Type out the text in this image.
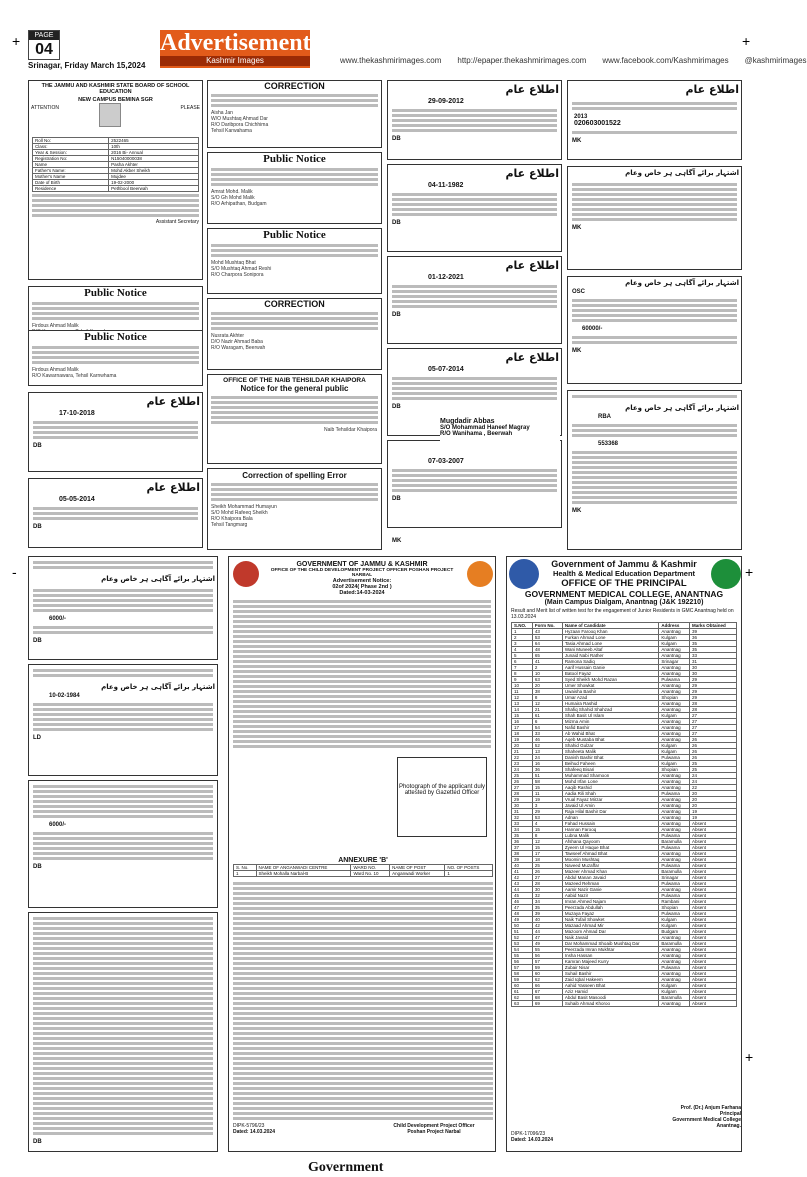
+	+
PAGE
04	Advertisement
Kashmir Images
Srinagar, Friday March 15,2024
www.thekashmirimages.com http://epaper.thekashmirimages.com www.facebook.com/Kashmirimages @kashmirimages
THE JAMMU AND KASHMIR STATE BOARD OF SCHOOL EDUCATION
NEW CAMPUS BEMINA SGR
ATTENTION	PLEASE
Roll No:	2522465
Class:	10th
Year & Session:	2016 Bi- Annual
Registration No:	N15040000038
Name	Pasha Akhter
Father's Name:	Mohd Akber Sheikh
Mother's Name	Mujdee
Date of Birth	19-02-2000
Residence	Pethbool Beerwah
Assistant Secretary
Public Notice
Firdous Ahmad Malik
Public Notice
Firdous Ahmad Malik
R/O Kawarnawara, Tehsil Karnwhama
اطلاع عام
17-10-2018
DB
اطلاع عام
05-05-2014
DB
CORRECTION
Aisha Jan
W/O Mushtaq Ahmad Dar
R/O Daribpora Chichhima
Tehsil Karwahama
Public Notice
Amrat Mohd. Malik
S/O Gh Mohd Malik
R/O Arhipathan, Budgam
Public Notice
Mohd Mushtaq Bhat
S/O Mushtaq Ahmad Reshi
R/O Charpora Sonipora
CORRECTION
Nusrata Akhter
D/O Nazir Ahmad Baba
R/O Waragam, Beerwah
OFFICE OF THE NAIB TEHSILDAR KHAIPORA
Notice for the general public
Naib Tehsildar Khaipora
Correction of spelling Error
Sheikh Mohammad Humayun
S/O Mohd Rafeeq Sheikh
R/O Khaipora Bala
Tehsil Tangmarg
اطلاع عام
29-09-2012
DB
اطلاع عام
04-11-1982
DB
اطلاع عام
01-12-2021
DB
اطلاع عام
05-07-2014
DB
07-03-2007
DB
Mugdadir Abbas
S/O Mohammad Haneef Magray
R/O Wanihama , Beerwah
MK
اطلاع عام
2013
020603001522
MK
اشتہار برائے آگاہی ہر خاص وعام
MK
اشتہار برائے آگاہی ہر خاص وعام
OSC
60000/-
MK
اشتہار برائے آگاہی ہر خاص وعام
RBA
553368
MK
-	+
اشتہار برائے آگاہی ہر خاص وعام
6000/-
DB
اشتہار برائے آگاہی ہر خاص وعام
10-02-1984
LD
6000/-
DB
DB
GOVERNMENT OF JAMMU & KASHMIR
OFFICE OF THE CHILD DEVELOPMENT PROJECT OFFICER POSHAN PROJECT NARBAL
Advertisement Notice:
02of 2024( Phase 2nd )
Dated:14-03-2024
Photograph of the applicant duly attested by Gazetted Officer
ANNEXURE 'B'
S. No.	NAME OF ANGANWADI CENTRE	WARD NO.	NAME OF POST	NO. OF POSTS
1	Sheikh Mohalla Narbal-B	Ward No. 10	Anganwadi Worker	1
DIPK-5796/23
Dated: 14.03.2024
Child Development Project Officer
Poshan Project Narbal
Government of Jammu & Kashmir
Health & Medical Education Department
OFFICE OF THE PRINCIPAL
GOVERNMENT MEDICAL COLLEGE, ANANTNAG
(Main Campus Dialgam, Anantnag (J&K 192210)
Result and Merit list of written test for the engagement of Junior Residents in GMC Anantnag held on 13.03.2024
S.NO.	Form No.	Name of Candidate	Address	Marks Obtained
1	43	Hyzaan Farooq Khan	Anantnag	39
2	53	Furkan Ahmad Lone	Kulgam	36
3	64	Tasia Ahmad Lone	Kulgam	35
4	48	Wani Muneeb Altaf	Anantnag	35
5	65	Junaid Nabi Rather	Anantnag	33
6	41	Ramona Sadiq	Srinagar	31
7	2	Aarif Hussain Ganie	Anantnag	30
8	10	Batool Fayaz	Anantnag	30
9	63	Syed Sheikh Mohd Razan	Pulwama	29
10	20	Umer Showkat	Anantnag	29
11	38	Uwaisha Bashir	Anantnag	29
12	8	Umar Azad	Shopian	29
13	12	Humaira Rashid	Anantnag	28
14	21	Shafiq Shahid Shahzad	Anantnag	28
15	61	Shah Basit Ul Islam	Kulgam	27
16	6	Mizma Amin	Anantnag	27
17	54	Nafid Bashir	Anantnag	27
18	33	Ab Wahid Bhat	Anantnag	27
19	46	Aqeb Mustaba Bhat	Anantnag	26
20	52	Shahid Gulzar	Kulgam	26
21	13	Shaheeta Malik	Kulgam	26
22	24	Danish Bashir Bhat	Pulwama	26
23	16	Beihud Faheen	Kulgam	25
24	36	Shafeeq Bisari	Shopian	25
25	51	Muhammad Shamoon	Anantnag	24
26	58	Mohd Irfan Lone	Anantnag	24
27	15	Aaqib Rashid	Anantnag	22
28	11	Aadia Rili Shah	Pulwama	20
29	19	Vrual Fayaz Mirzar	Anantnag	20
30	3	Javaid Ul Amin	Anantnag	20
31	29	Raja Hilal Bashir Dar	Anantnag	19
32	53	Adnan	Anantnag	19
33	4	Fahad Hussain	Anantnag	Absent
34	15	Hannan Farooq	Anantnag	Absent
35	8	Lubna Malik	Pulwama	Absent
36	12	Afshana Qayoom	Baramulla	Absent
37	15	Zyeem Ul Haque Bhat	Pulwama	Absent
38	17	Tawseef Ahmad Bhat	Anantnag	Absent
39	18	Moomin Mushtaq	Anantnag	Absent
40	25	Naveed Muzaffar	Pulwama	Absent
41	26	Mazeer Ahmad Khan	Baramulla	Absent
42	27	Abdul Manan Javaid	Srinagar	Absent
43	28	Mazeed Rehman	Pulwama	Absent
44	30	Aamir Nazir Ganie	Anantnag	Absent
45	32	Aabid Nazir	Pulwama	Absent
46	34	Imran Ahmed Najam	Rambani	Absent
47	35	Peerzada Abdullah	Shopian	Absent
48	39	Muzaya Fayaz	Pulwama	Absent
49	40	Naik Tufail Showket	Kulgam	Absent
50	42	Mazaad Ahmad Mir	Kulgam	Absent
51	44	Mazoom Ahmad Dar	Budgam	Absent
52	47	Naik Javaid	Anantnag	Absent
53	49	Dar Mohammad Shoaib Mushtaq Dar	Baramulla	Absent
54	55	Peerzada Imran Mukhtar	Anantnag	Absent
55	56	Insha Hassan	Anantnag	Absent
56	57	Kamran Majeed Kurry	Anantnag	Absent
57	59	Zubair Nisar	Pulwama	Absent
58	60	Suhail Bashir	Anantnag	Absent
59	62	Zaid Iqbal Hakeem	Anantnag	Absent
60	66	Aahid Yasseen Bhat	Kulgam	Absent
61	67	Aziz Hamid	Kulgam	Absent
62	68	Abdul Basit Masoodi	Baramulla	Absent
63	69	Suhaib Ahmad Khoroo	Anantnag	Absent
Prof. (Dr.) Anjum Farhana
Principal
Government Medical College
Anantnag.
DIPK-17096/23
Dated: 14.03.2024
+
Government
